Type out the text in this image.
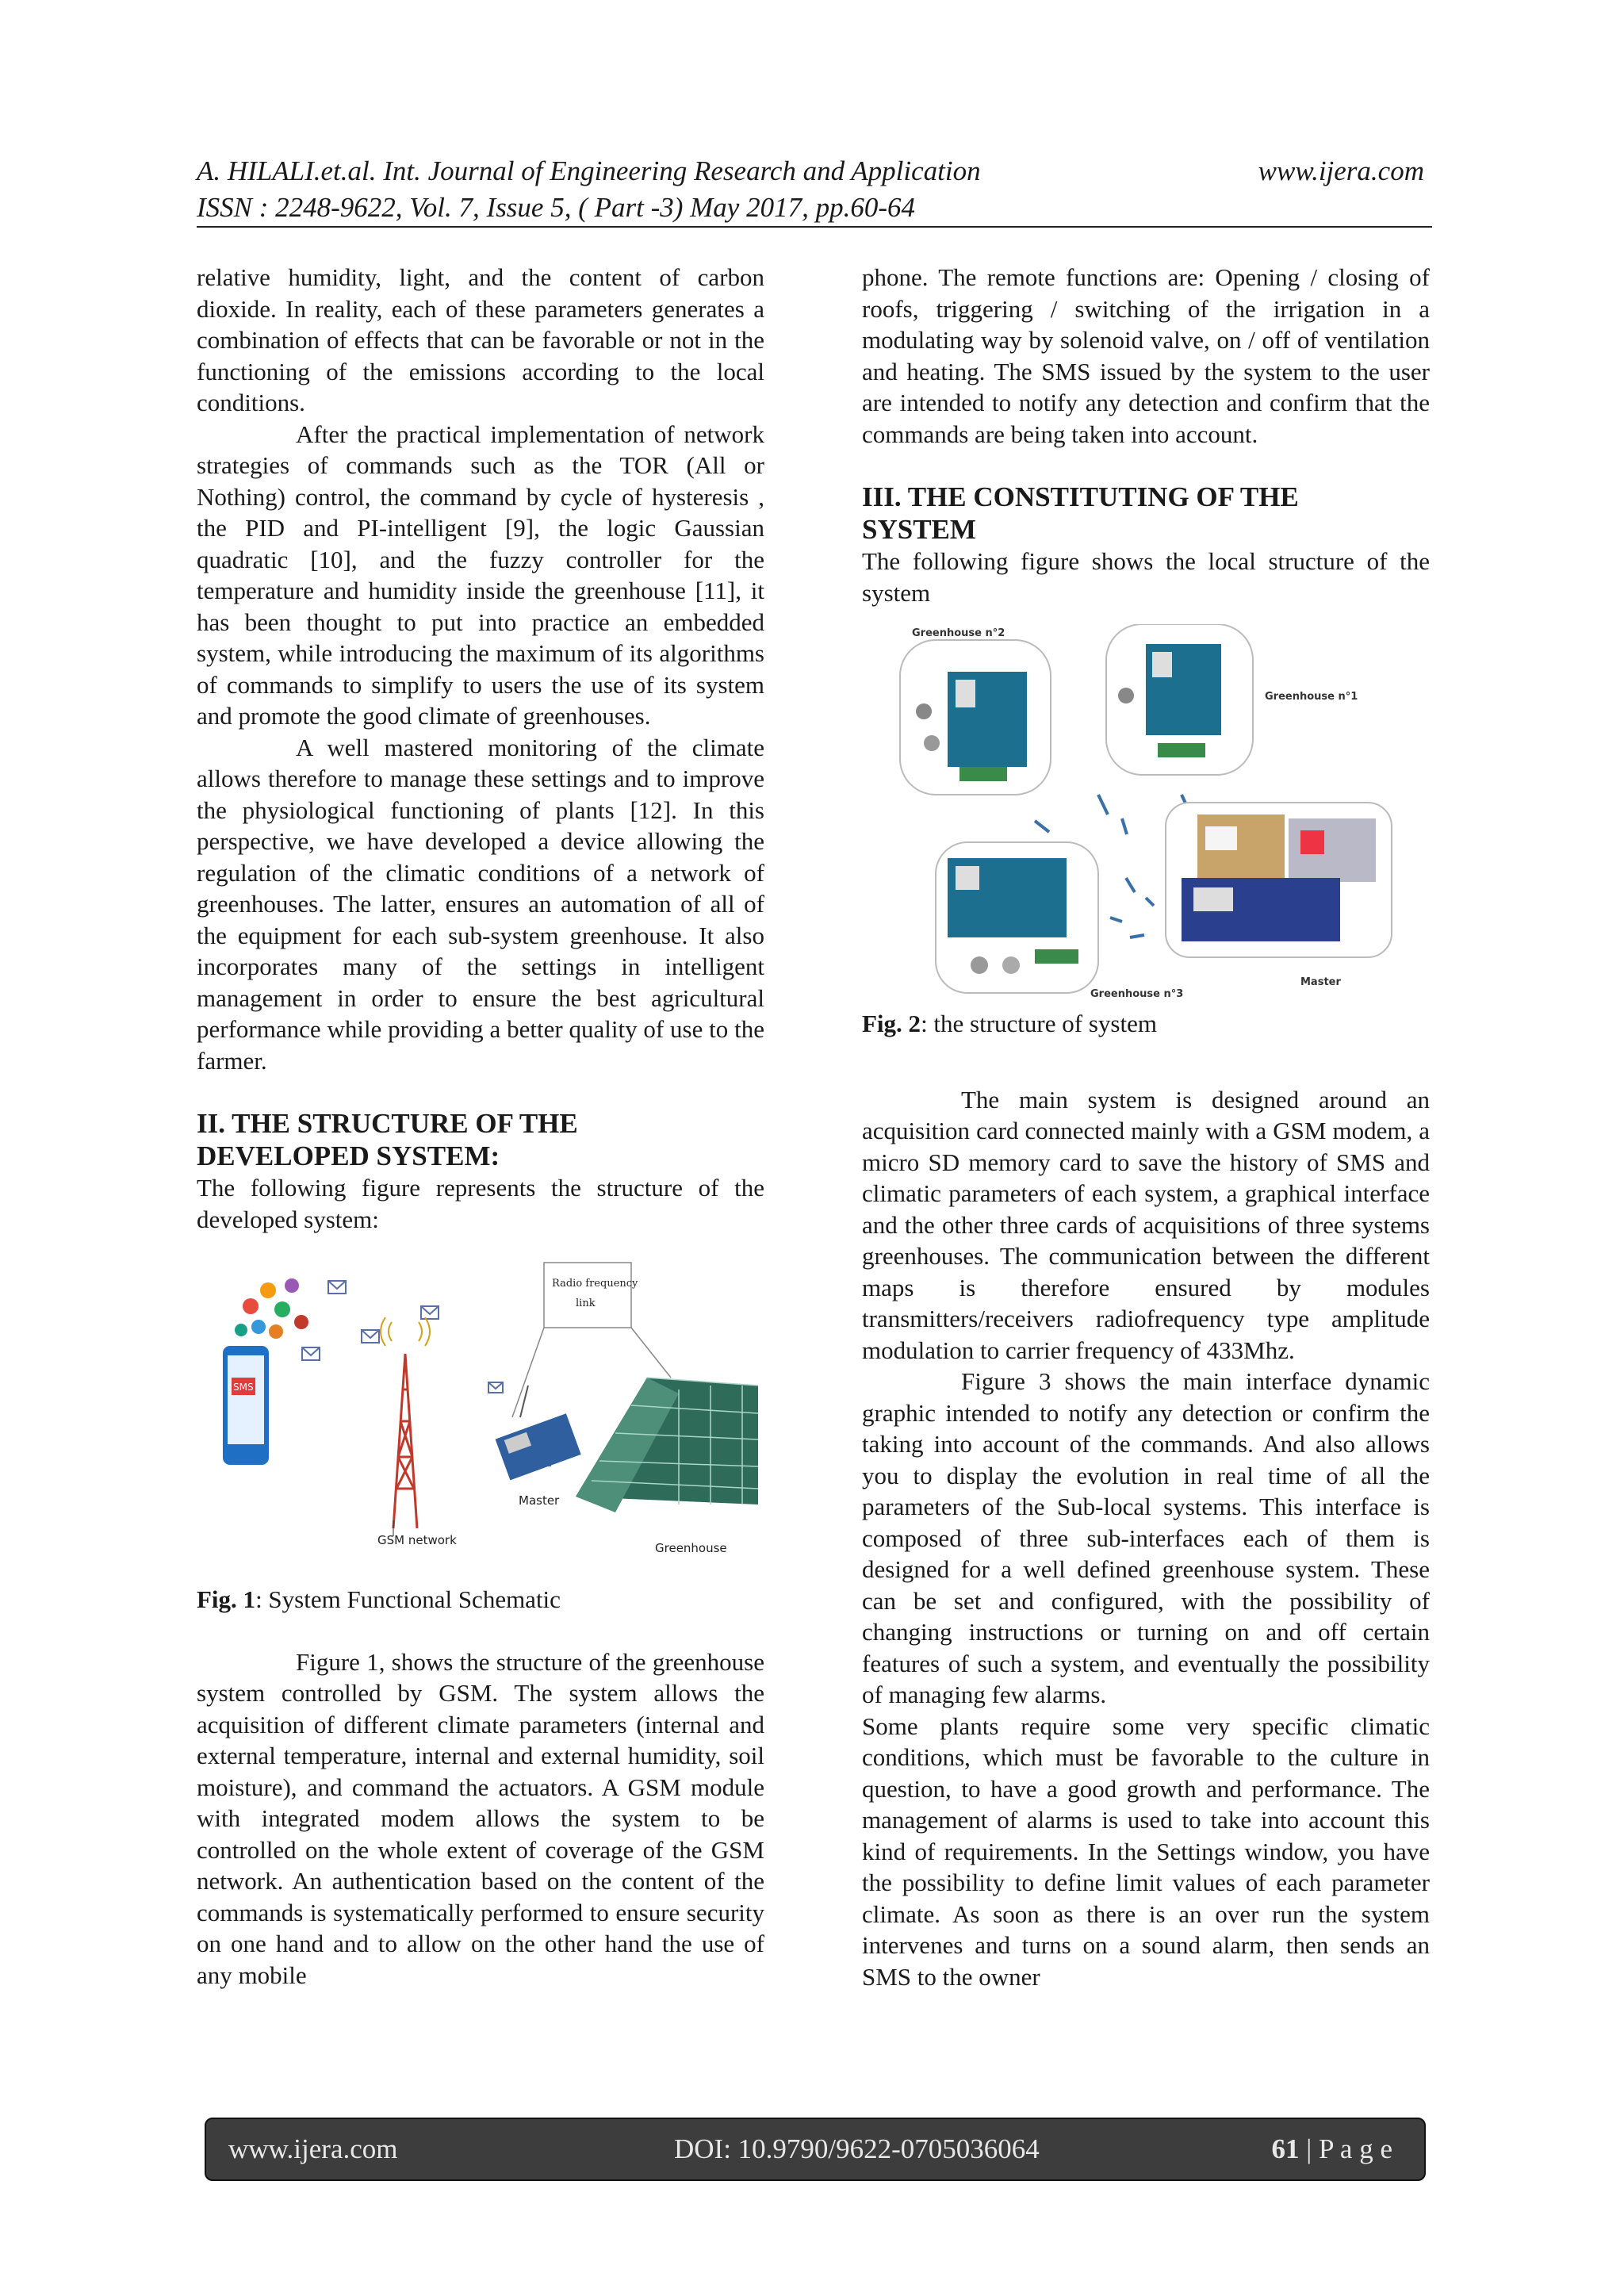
A. HILALI.et.al. Int. Journal of Engineering Research and Application	www.ijera.com
ISSN : 2248-9622, Vol. 7, Issue 5, ( Part -3) May 2017, pp.60-64

relative humidity, light, and the content of carbon dioxide. In reality, each of these parameters generates a combination of effects that can be favorable or not in the functioning of the emissions according to the local conditions.

After the practical implementation of network strategies of commands such as the TOR (All or Nothing) control, the command by cycle of hysteresis , the PID and PI-intelligent [9], the logic Gaussian quadratic [10], and the fuzzy controller for the temperature and humidity inside the greenhouse [11], it has been thought to put into practice an embedded system, while introducing the maximum of its algorithms of commands to simplify to users the use of its system and promote the good climate of greenhouses.

A well mastered monitoring of the climate allows therefore to manage these settings and to improve the physiological functioning of plants [12]. In this perspective, we have developed a device allowing the regulation of the climatic conditions of a network of greenhouses. The latter, ensures an automation of all of the equipment for each sub-system greenhouse. It also incorporates many of the settings in intelligent management in order to ensure the best agricultural performance while providing a better quality of use to the farmer.

II. THE STRUCTURE OF THE
DEVELOPED SYSTEM:

The following figure represents the structure of the developed system:

SMS
GSM network
Radio frequency
link
Master
Greenhouse

Fig. 1: System Functional Schematic

Figure 1, shows the structure of the greenhouse system controlled by GSM. The system allows the acquisition of different climate parameters (internal and external temperature, internal and external humidity, soil moisture), and command the actuators. A GSM module with integrated modem allows the system to be controlled on the whole extent of coverage of the GSM network. An authentication based on the content of the commands is systematically performed to ensure security on one hand and to allow on the other hand the use of any mobile

phone. The remote functions are: Opening / closing of roofs, triggering / switching of the irrigation in a modulating way by solenoid valve, on / off of ventilation and heating. The SMS issued by the system to the user are intended to notify any detection and confirm that the commands are being taken into account.

III. THE CONSTITUTING OF THE
SYSTEM

The following figure shows the local structure of the system

Greenhouse n°2
Greenhouse n°1
Master
Greenhouse n°3

Fig. 2: the structure of system

The main system is designed around an acquisition card connected mainly with a GSM modem, a micro SD memory card to save the history of SMS and climatic parameters of each system, a graphical interface and the other three cards of acquisitions of three systems greenhouses. The communication between the different maps is therefore ensured by modules transmitters/receivers radiofrequency type amplitude modulation to carrier frequency of 433Mhz.

Figure 3 shows the main interface dynamic graphic intended to notify any detection or confirm the taking into account of the commands. And also allows you to display the evolution in real time of all the parameters of the Sub-local systems. This interface is composed of three sub-interfaces each of them is designed for a well defined greenhouse system. These can be set and configured, with the possibility of changing instructions or turning on and off certain features of such a system, and eventually the possibility of managing few alarms.

Some plants require some very specific climatic conditions, which must be favorable to the culture in question, to have a good growth and performance. The management of alarms is used to take into account this kind of requirements. In the Settings window, you have the possibility to define limit values of each parameter climate. As soon as there is an over run the system intervenes and turns on a sound alarm, then sends an SMS to the owner

www.ijera.com	DOI: 10.9790/9622-0705036064	61 | P a g e
